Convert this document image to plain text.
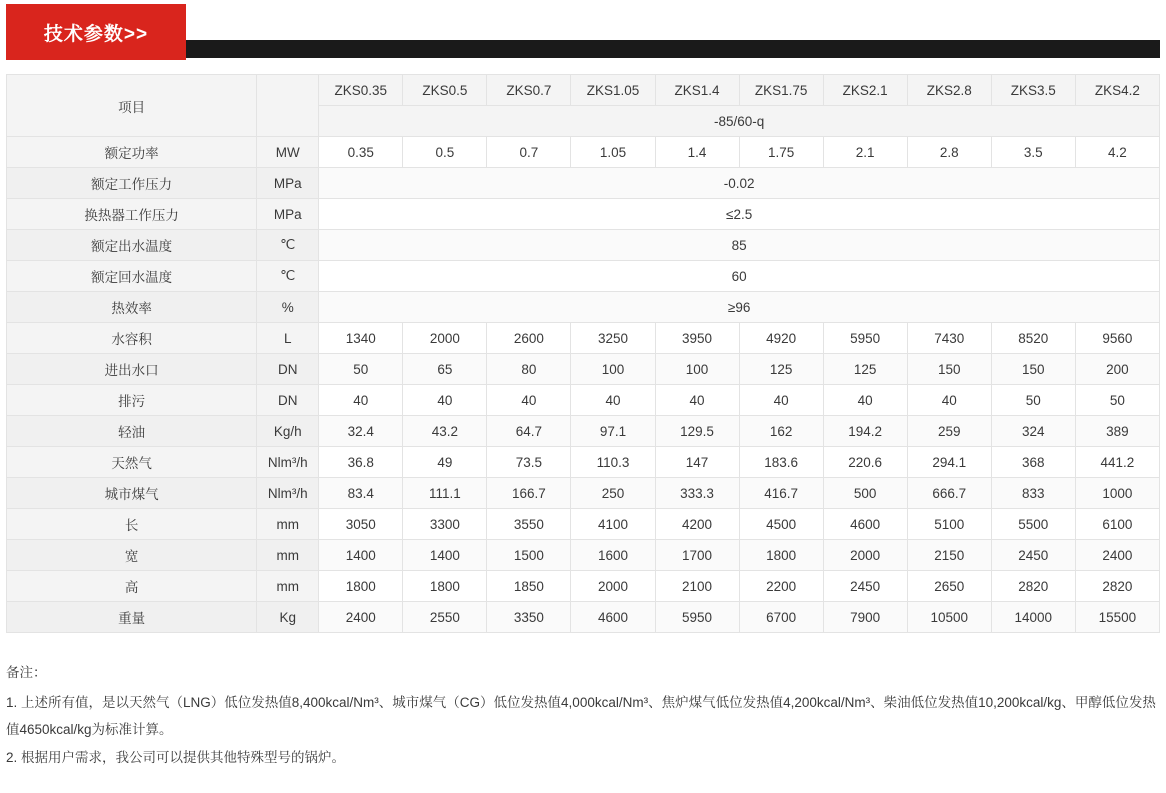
技术参数>>
项目		ZKS0.35	ZKS0.5	ZKS0.7	ZKS1.05	ZKS1.4	ZKS1.75	ZKS2.1	ZKS2.8	ZKS3.5	ZKS4.2
		-85/60-q									
额定功率	MW	0.35	0.5	0.7	1.05	1.4	1.75	2.1	2.8	3.5	4.2
额定工作压力	MPa	-0.02									
换热器工作压力	MPa	≤2.5									
额定出水温度	℃	85									
额定回水温度	℃	60									
热效率	%	≥96									
水容积	L	1340	2000	2600	3250	3950	4920	5950	7430	8520	9560
进出水口	DN	50	65	80	100	100	125	125	150	150	200
排污	DN	40	40	40	40	40	40	40	40	50	50
轻油	Kg/h	32.4	43.2	64.7	97.1	129.5	162	194.2	259	324	389
天然气	Nlm³/h	36.8	49	73.5	110.3	147	183.6	220.6	294.1	368	441.2
城市煤气	Nlm³/h	83.4	111.1	166.7	250	333.3	416.7	500	666.7	833	1000
长	mm	3050	3300	3550	4100	4200	4500	4600	5100	5500	6100
宽	mm	1400	1400	1500	1600	1700	1800	2000	2150	2450	2400
高	mm	1800	1800	1850	2000	2100	2200	2450	2650	2820	2820
重量	Kg	2400	2550	3350	4600	5950	6700	7900	10500	14000	15500

备注：

1. 上述所有值，是以天然气（LNG）低位发热值8,400kcal/Nm³、城市煤气（CG）低位发热值4,000kcal/Nm³、焦炉煤气低位发热值4,200kcal/Nm³、柴油低位发热值10,200kcal/kg、甲醇低位发热值4650kcal/kg为标准计算。

2. 根据用户需求，我公司可以提供其他特殊型号的锅炉。
